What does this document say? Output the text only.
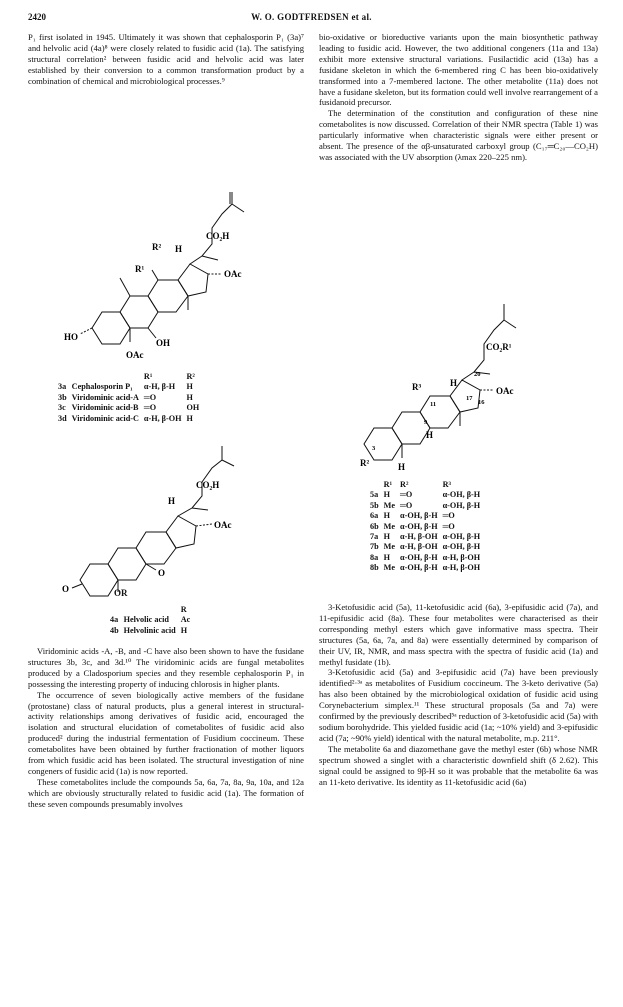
2420	W. O. GODTFREDSEN et al.

P₁ first isolated in 1945. Ultimately it was shown that cephalosporin P₁ (3a)⁷ and helvolic acid (4a)⁸ were closely related to fusidic acid (1a). The satisfying structural correlation² between fusidic acid and helvolic acid was later established by their conversion to a common transformation product by a combination of chemical and microbiological processes.⁹

CO₂H
R² H
R¹	OAc
HO
OH
OAc
		R¹	R²
3a	Cephalosporin P₁	α-H, β-H	H
3b	Viridominic acid-A	═O	H
3c	Viridominic acid-B	═O	OH
3d	Viridominic acid-C	α-H, β-OH	H
CO₂H
H
OAc
O
O
OR
		R
4a	Helvolic acid	Ac
4b	Helvolinic acid	H

Viridominic acids -A, -B, and -C have also been shown to have the fusidane structures 3b, 3c, and 3d.¹⁰ The viridominic acids are fungal metabolites produced by a Cladosporium species and they resemble cephalosporin P₁ in possessing the interesting property of inducing chlorosis in higher plants.

The occurrence of seven biologically active members of the fusidane (protostane) class of natural products, plus a general interest in structural-activity relationships among derivatives of fusidic acid, encouraged the isolation and structural elucidation of cometabolites of fusidic acid also produced² during the industrial fermentation of Fusidium coccineum. These cometabolites have been obtained by further fractionation of mother liquors from which fusidic acid has been isolated. The structural investigation of nine congeners of fusidic acid (1a) is now reported.

These cometabolites include the compounds 5a, 6a, 7a, 8a, 9a, 10a, and 12a which are obviously structurally related to fusidic acid (1a). The formation of these seven compounds presumably involves

bio-oxidative or bioreductive variants upon the main biosynthetic pathway leading to fusidic acid. However, the two additional congeners (11a and 13a) exhibit more extensive structural variations. Fusilactidic acid (13a) has a fusidane skeleton in which the 6-membered ring C has been bio-oxidatively transformed into a 7-membered lactone. The other metabolite (11a) does not have a fusidane skeleton, but its formation could well involve rearrangement of a fusidanoid precursor.

The determination of the constitution and configuration of these nine cometabolites is now discussed. Correlation of their NMR spectra (Table 1) was particularly informative when characteristic signals were either present or absent. The presence of the αβ-unsaturated carboxyl group (C₁₇═C₂₀—CO₂H) was associated with the UV absorption (λmax 220–225 nm).

CO₂R¹
20
R³
11
H
17
16
OAc
9
H
3
R²	H
	R¹	R²	R³
5a	H	═O	α-OH, β-H
5b	Me	═O	α-OH, β-H
6a	H	α-OH, β-H	═O
6b	Me	α-OH, β-H	═O
7a	H	α-H, β-OH	α-OH, β-H
7b	Me	α-H, β-OH	α-OH, β-H
8a	H	α-OH, β-H	α-H, β-OH
8b	Me	α-OH, β-H	α-H, β-OH

3-Ketofusidic acid (5a), 11-ketofusidic acid (6a), 3-epifusidic acid (7a), and 11-epifusidic acid (8a). These four metabolites were characterised as their corresponding methyl esters which gave informative mass spectra. Their structures (5a, 6a, 7a, and 8a) were essentially determined by comparison of their UV, IR, NMR, and mass spectra with the spectra of fusidic acid (1a) and methyl fusidate (1b).

3-Ketofusidic acid (5a) and 3-epifusidic acid (7a) have been previously identified²·³ᵃ as metabolites of Fusidium coccineum. The 3-keto derivative (5a) has also been obtained by the microbiological oxidation of fusidic acid using Corynebacterium simplex.¹¹ These structural proposals (5a and 7a) were confirmed by the previously described⁵ᵃ reduction of 3-ketofusidic acid (5a) with sodium borohydride. This yielded fusidic acid (1a; ~10% yield) and 3-epifusidic acid (7a; ~90% yield) identical with the natural metabolite, m.p. 211°.

The metabolite 6a and diazomethane gave the methyl ester (6b) whose NMR spectrum showed a singlet with a characteristic downfield shift (δ 2.62). This signal could be assigned to 9β-H so it was probable that the metabolite 6a was an 11-keto derivative. Its identity as 11-ketofusidic acid (6a)
